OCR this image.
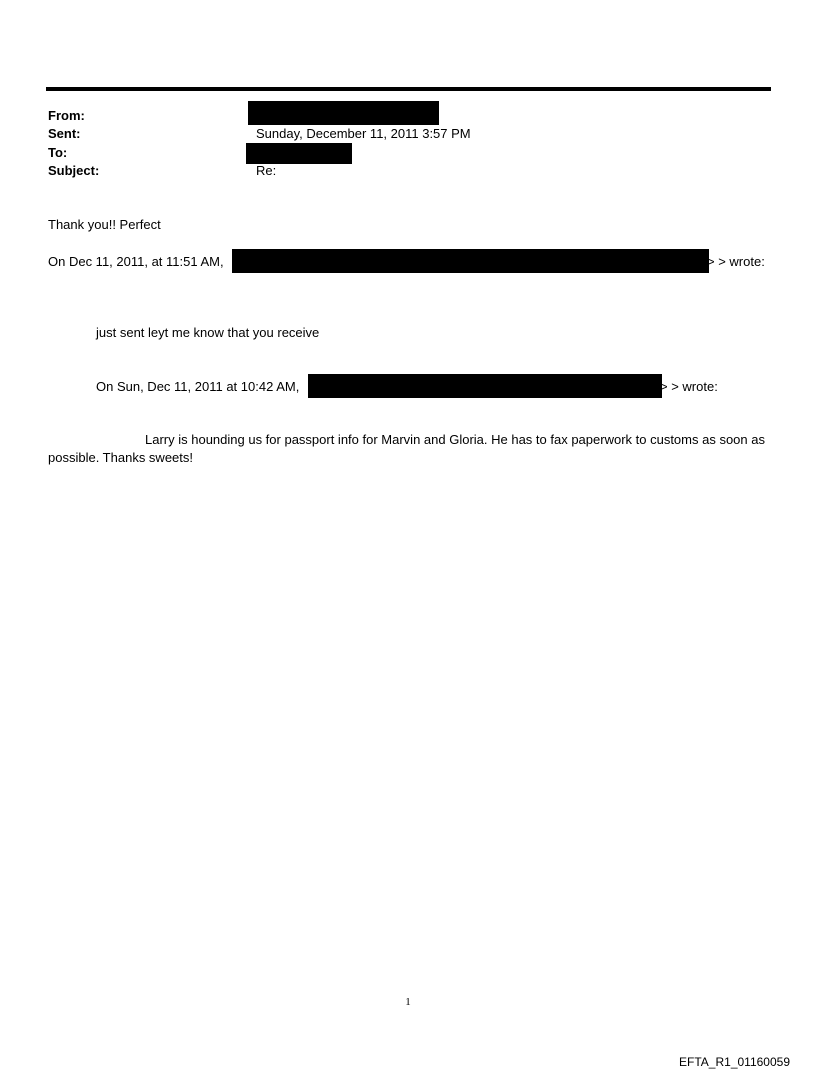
From:
Sent:	Sunday, December 11, 2011 3:57 PM
To:
Subject:	Re:
Thank you!! Perfect
On Dec 11, 2011, at 11:51 AM,	> > wrote:
just sent leyt me know that you receive
On Sun, Dec 11, 2011 at 10:42 AM,	> > wrote:
Larry is hounding us for passport info for Marvin and Gloria. He has to fax paperwork to customs as soon as possible. Thanks sweets!
1
EFTA_R1_01160059
